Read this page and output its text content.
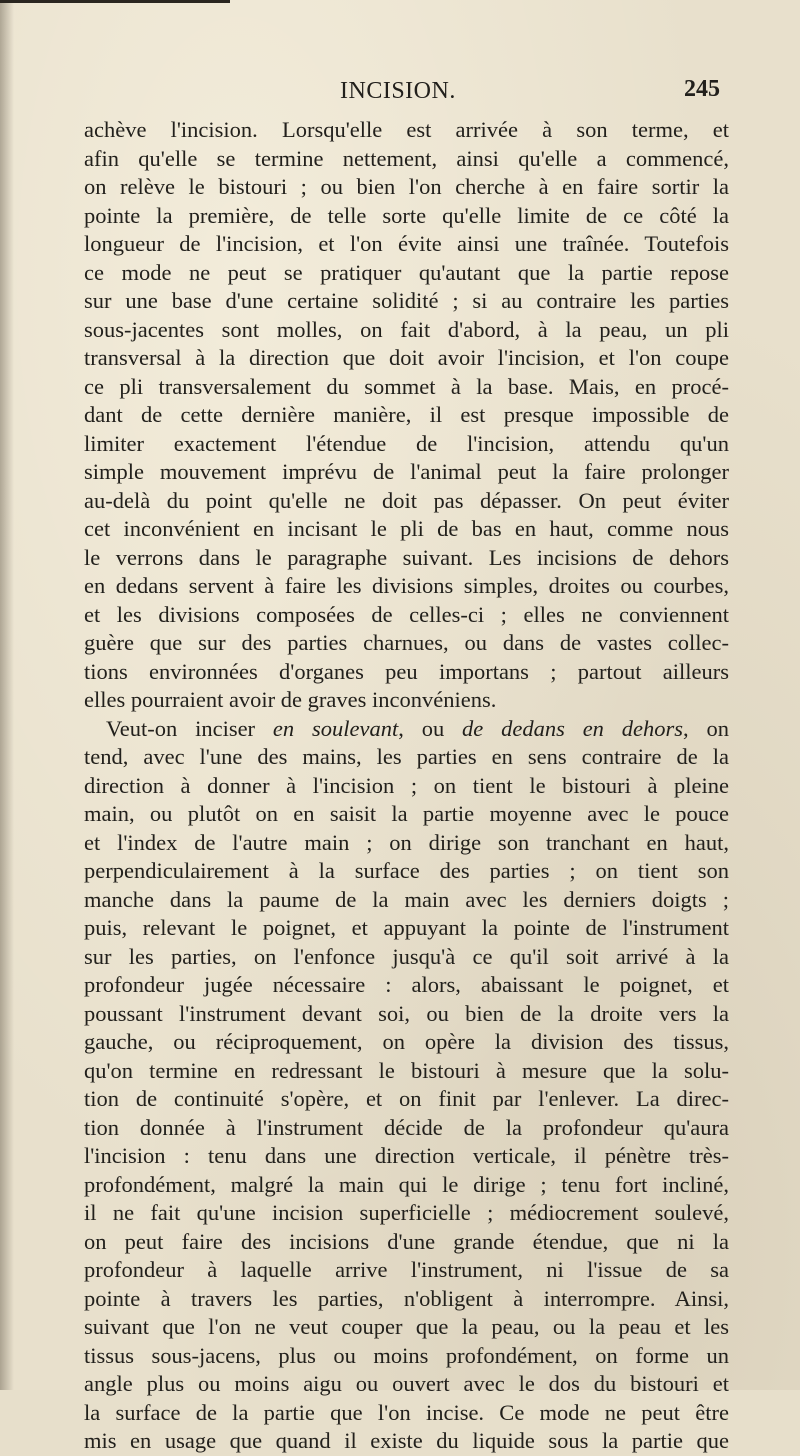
INCISION.	245
achève l'incision. Lorsqu'elle est arrivée à son terme, et
afin qu'elle se termine nettement, ainsi qu'elle a commencé,
on relève le bistouri ; ou bien l'on cherche à en faire sortir la
pointe la première, de telle sorte qu'elle limite de ce côté la
longueur de l'incision, et l'on évite ainsi une traînée. Toutefois
ce mode ne peut se pratiquer qu'autant que la partie repose
sur une base d'une certaine solidité ; si au contraire les parties
sous-jacentes sont molles, on fait d'abord, à la peau, un pli
transversal à la direction que doit avoir l'incision, et l'on coupe
ce pli transversalement du sommet à la base. Mais, en procé-
dant de cette dernière manière, il est presque impossible de
limiter exactement l'étendue de l'incision, attendu qu'un
simple mouvement imprévu de l'animal peut la faire prolonger
au-delà du point qu'elle ne doit pas dépasser. On peut éviter
cet inconvénient en incisant le pli de bas en haut, comme nous
le verrons dans le paragraphe suivant. Les incisions de dehors
en dedans servent à faire les divisions simples, droites ou courbes,
et les divisions composées de celles-ci ; elles ne conviennent
guère que sur des parties charnues, ou dans de vastes collec-
tions environnées d'organes peu importans ; partout ailleurs
elles pourraient avoir de graves inconvéniens.
Veut-on inciser en soulevant, ou de dedans en dehors, on
tend, avec l'une des mains, les parties en sens contraire de la
direction à donner à l'incision ; on tient le bistouri à pleine
main, ou plutôt on en saisit la partie moyenne avec le pouce
et l'index de l'autre main ; on dirige son tranchant en haut,
perpendiculairement à la surface des parties ; on tient son
manche dans la paume de la main avec les derniers doigts ;
puis, relevant le poignet, et appuyant la pointe de l'instrument
sur les parties, on l'enfonce jusqu'à ce qu'il soit arrivé à la
profondeur jugée nécessaire : alors, abaissant le poignet, et
poussant l'instrument devant soi, ou bien de la droite vers la
gauche, ou réciproquement, on opère la division des tissus,
qu'on termine en redressant le bistouri à mesure que la solu-
tion de continuité s'opère, et on finit par l'enlever. La direc-
tion donnée à l'instrument décide de la profondeur qu'aura
l'incision : tenu dans une direction verticale, il pénètre très-
profondément, malgré la main qui le dirige ; tenu fort incliné,
il ne fait qu'une incision superficielle ; médiocrement soulevé,
on peut faire des incisions d'une grande étendue, que ni la
profondeur à laquelle arrive l'instrument, ni l'issue de sa
pointe à travers les parties, n'obligent à interrompre. Ainsi,
suivant que l'on ne veut couper que la peau, ou la peau et les
tissus sous-jacens, plus ou moins profondément, on forme un
angle plus ou moins aigu ou ouvert avec le dos du bistouri et
la surface de la partie que l'on incise. Ce mode ne peut être
mis en usage que quand il existe du liquide sous la partie que
